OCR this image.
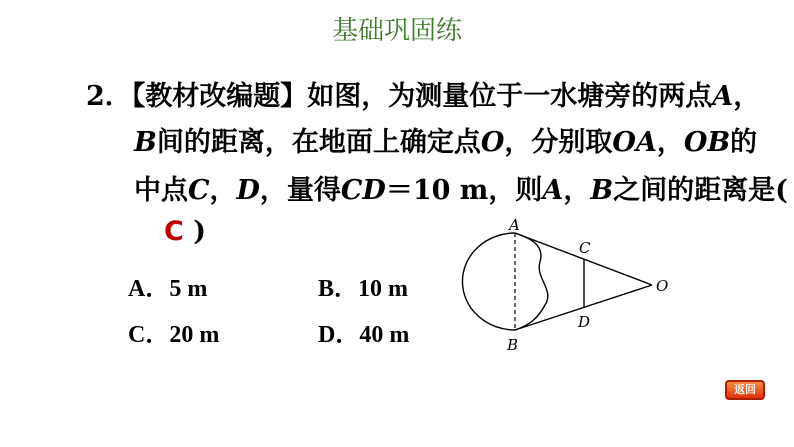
基础巩固练
2．【教材改编题】如图，为测量位于一水塘旁的两点A，
B间的距离，在地面上确定点O，分别取OA，OB的
中点C，D，量得CD＝10 m，则A，B之间的距离是(
C )
A．5 m	B．10 m
C．20 m	D．40 m
A
B
C
D
O
返回
